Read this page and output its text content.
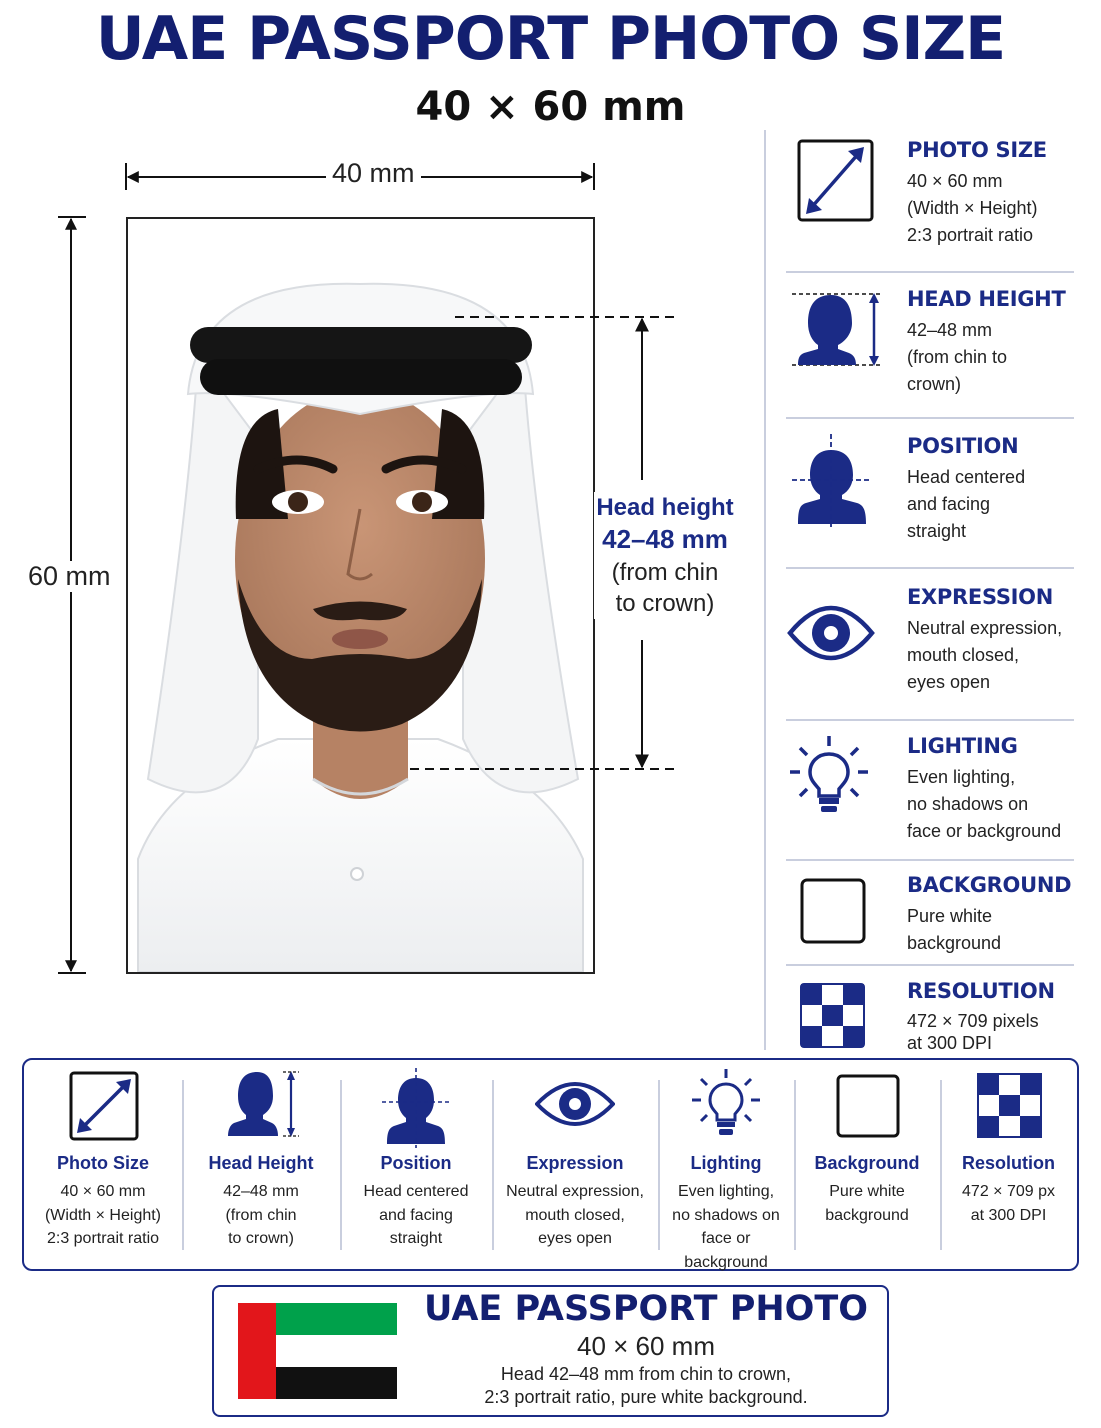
UAE PASSPORT PHOTO SIZE
40 × 60 mm
40 mm
60 mm
Head height
42–48 mm
(from chin
to crown)
PHOTO SIZE
40 × 60 mm
(Width × Height)
2:3 portrait ratio
HEAD HEIGHT
42–48 mm
(from chin to
crown)
POSITION
Head centered
and facing
straight
EXPRESSION
Neutral expression,
mouth closed,
eyes open
LIGHTING
Even lighting,
no shadows on
face or background
BACKGROUND
Pure white
background
RESOLUTION
472 × 709 pixels
at 300 DPI
Photo Size
40 × 60 mm
(Width × Height)
2:3 portrait ratio
Head Height
42–48 mm
(from chin
to crown)
Position
Head centered
and facing
straight
Expression
Neutral expression,
mouth closed,
eyes open
Lighting
Even lighting,
no shadows on
face or
background
Background
Pure white
background
Resolution
472 × 709 px
at 300 DPI
UAE PASSPORT PHOTO
40 × 60 mm
Head 42–48 mm from chin to crown,
2:3 portrait ratio, pure white background.
